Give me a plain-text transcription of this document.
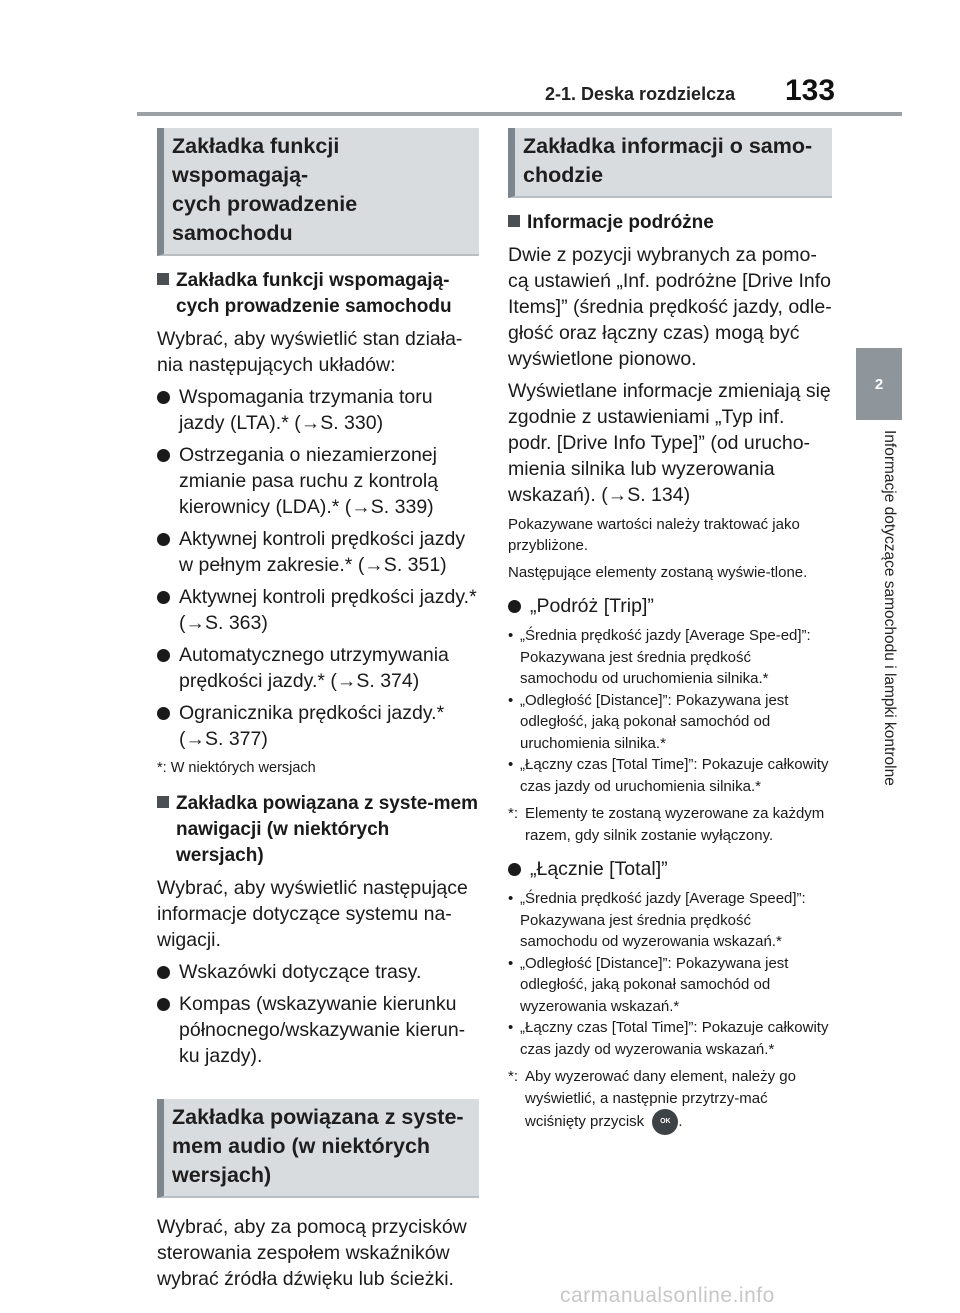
2-1. Deska rozdzielcza	133
2
Informacje dotyczące samochodu i lampki kontrolne
Zakładka funkcji wspomagają-
cych prowadzenie samochodu
Zakładka funkcji wspomagają-
cych prowadzenie samochodu
Wybrać, aby wyświetlić stan działa-nia następujących układów:
Wspomagania trzymania toru jazdy (LTA).* (→S. 330)
Ostrzegania o niezamierzonej zmianie pasa ruchu z kontrolą kierownicy (LDA).* (→S. 339)
Aktywnej kontroli prędkości jazdy w pełnym zakresie.* (→S. 351)
Aktywnej kontroli prędkości jazdy.* (→S. 363)
Automatycznego utrzymywania prędkości jazdy.* (→S. 374)
Ogranicznika prędkości jazdy.* (→S. 377)
*: W niektórych wersjach
Zakładka powiązana z syste-mem nawigacji (w niektórych wersjach)
Wybrać, aby wyświetlić następujące informacje dotyczące systemu na-wigacji.
Wskazówki dotyczące trasy.
Kompas (wskazywanie kierunku północnego/wskazywanie kierun-ku jazdy).
Zakładka powiązana z syste-mem audio (w niektórych wersjach)
Wybrać, aby za pomocą przycisków sterowania zespołem wskaźników wybrać źródła dźwięku lub ścieżki.
Zakładka informacji o samo-chodzie
Informacje podróżne
Dwie z pozycji wybranych za pomo-cą ustawień „Inf. podróżne [Drive Info Items]” (średnia prędkość jazdy, odle-głość oraz łączny czas) mogą być wyświetlone pionowo.
Wyświetlane informacje zmieniają się zgodnie z ustawieniami „Typ inf. podr. [Drive Info Type]” (od urucho-mienia silnika lub wyzerowania wskazań). (→S. 134)
Pokazywane wartości należy traktować jako przybliżone.
Następujące elementy zostaną wyświe-tlone.
„Podróż [Trip]”
• „Średnia prędkość jazdy [Average Spe-ed]”: Pokazywana jest średnia prędkość samochodu od uruchomienia silnika.*
• „Odległość [Distance]”: Pokazywana jest odległość, jaką pokonał samochód od uruchomienia silnika.*
• „Łączny czas [Total Time]”: Pokazuje całkowity czas jazdy od uruchomienia silnika.*
*: Elementy te zostaną wyzerowane za każdym razem, gdy silnik zostanie wyłączony.
„Łącznie [Total]”
• „Średnia prędkość jazdy [Average Speed]”: Pokazywana jest średnia prędkość samochodu od wyzerowania wskazań.*
• „Odległość [Distance]”: Pokazywana jest odległość, jaką pokonał samochód od wyzerowania wskazań.*
• „Łączny czas [Total Time]”: Pokazuje całkowity czas jazdy od wyzerowania wskazań.*
*: Aby wyzerować dany element, należy go wyświetlić, a następnie przytrzy-mać wciśnięty przycisk OK .
carmanualsonline.info
